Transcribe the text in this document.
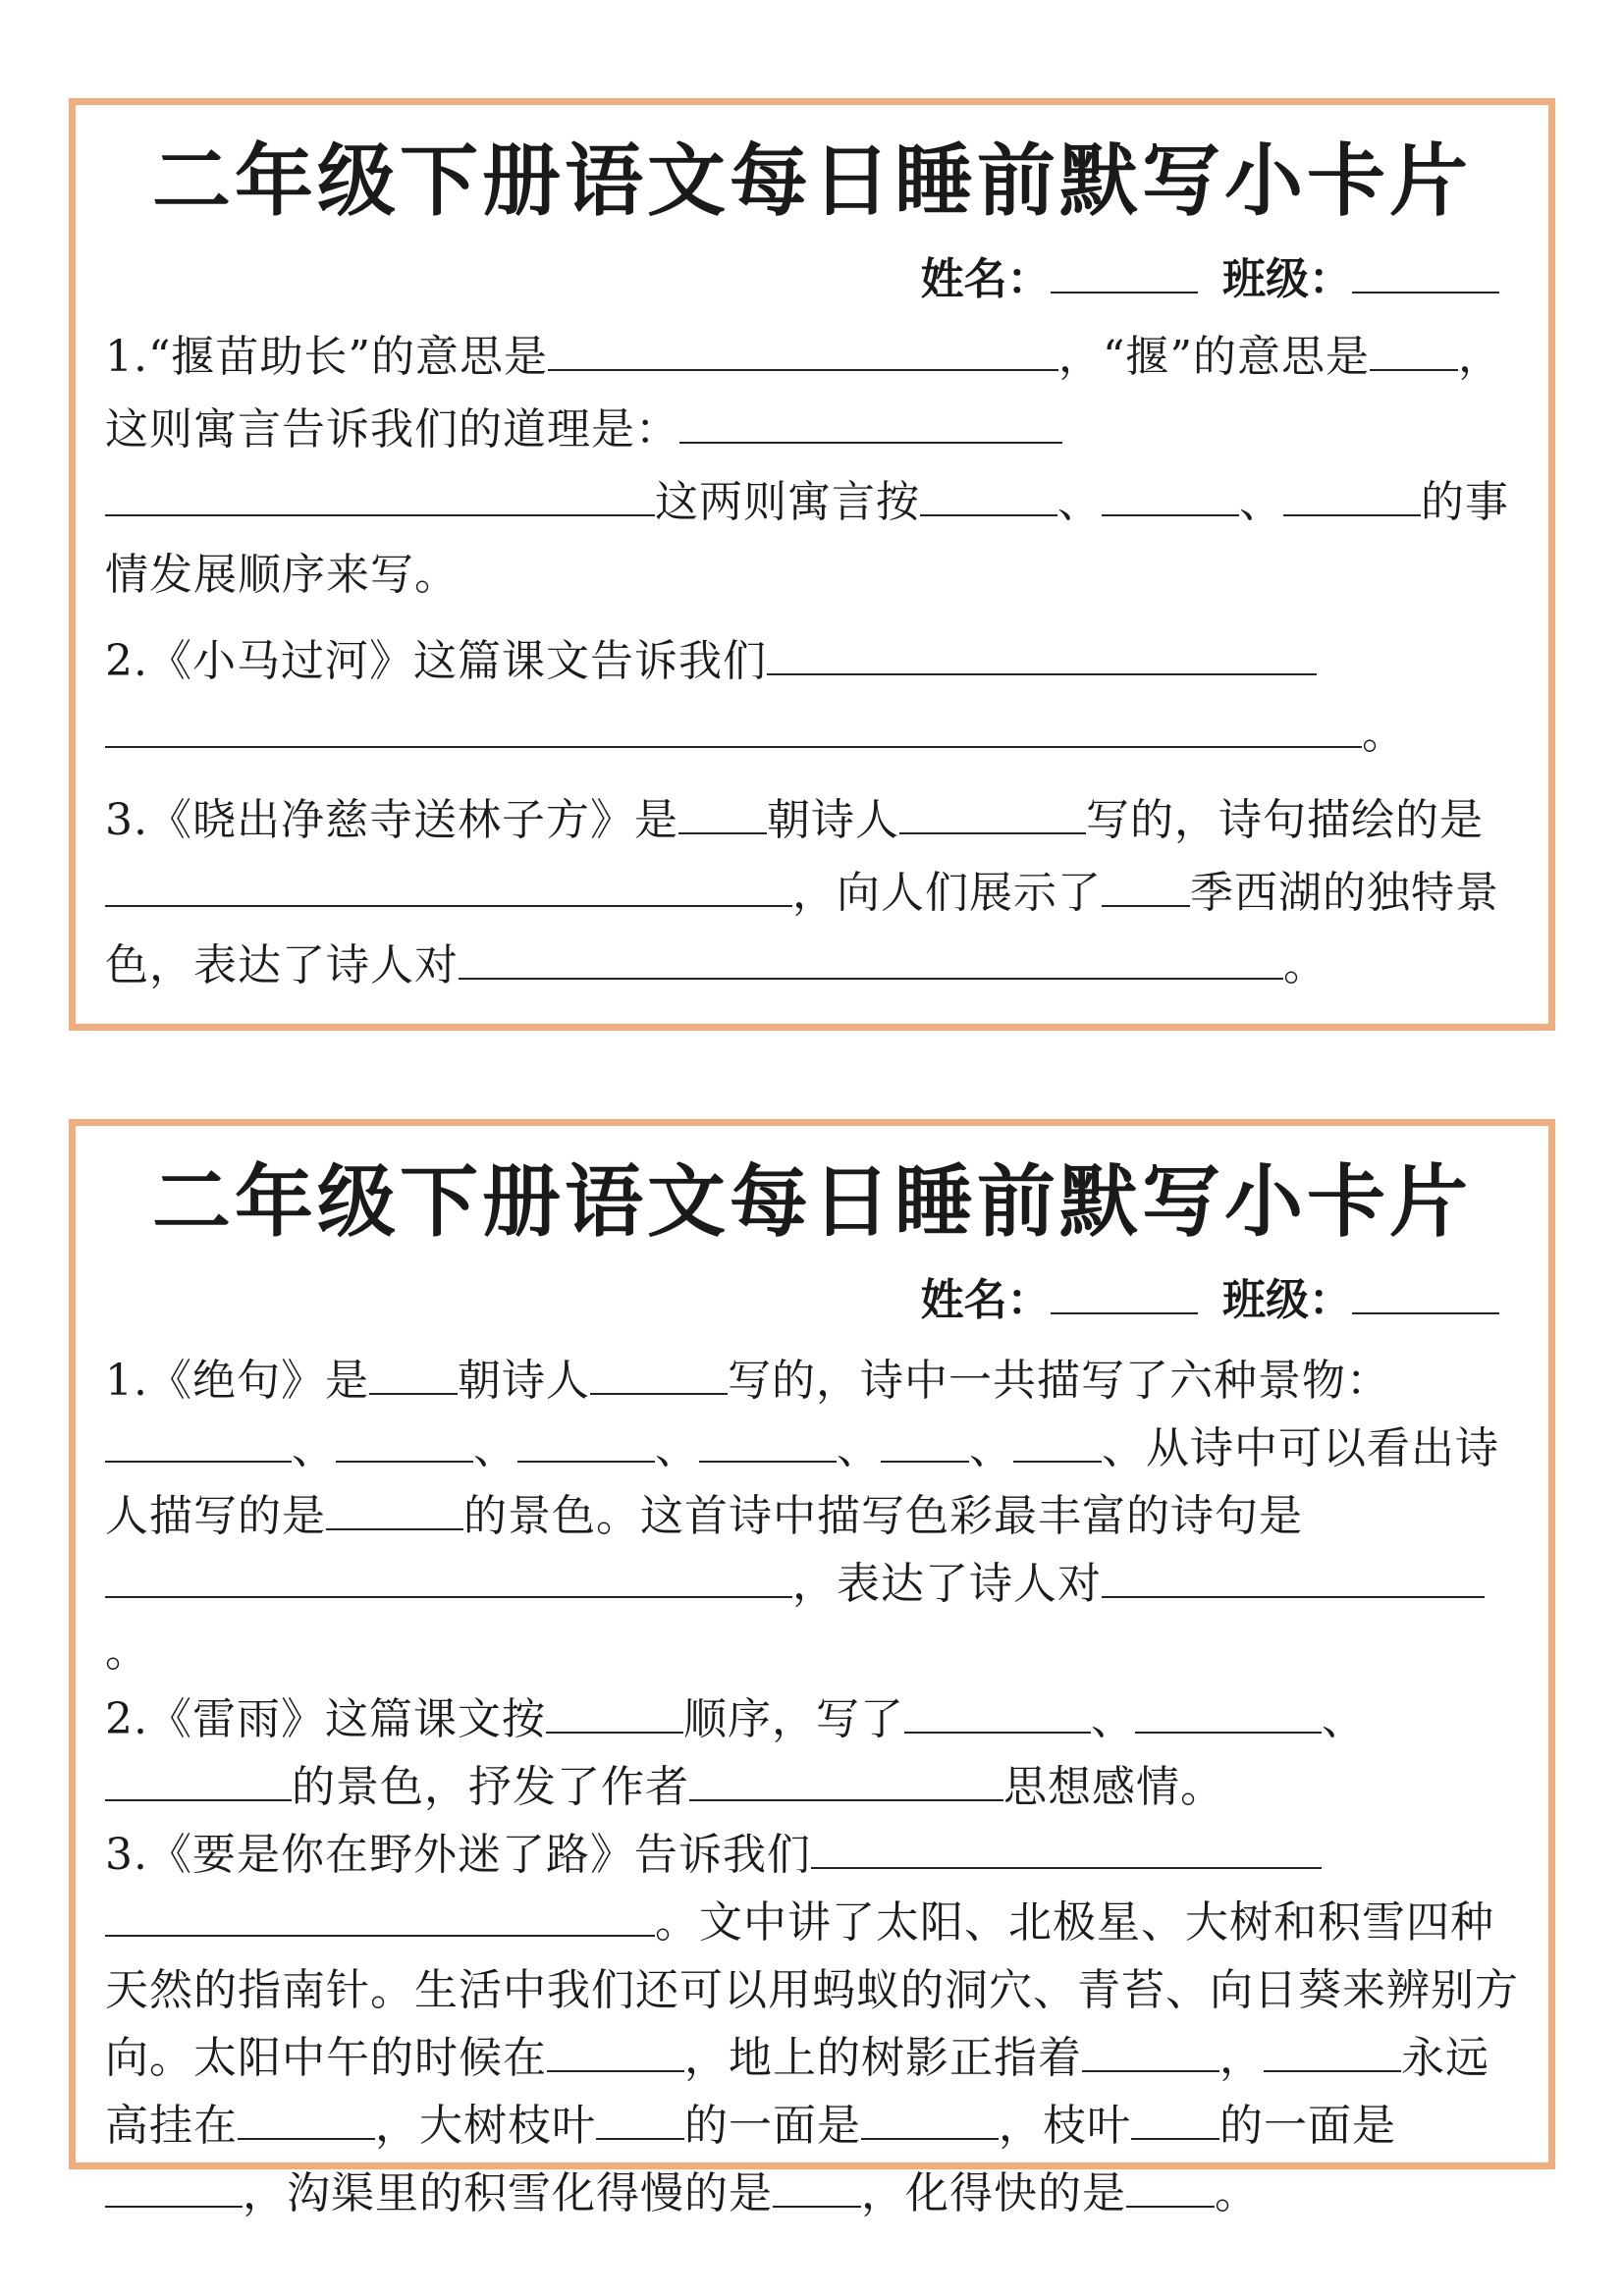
二年级下册语文每日睡前默写小卡片
姓名：	班级：

1.“揠苗助长”的意思是	，“揠”的意思是 ，这则寓言告诉我们的道理是：这两则寓言按	、	、	的事情发展顺序来写。

2.《小马过河》这篇课文告诉我们。

3.《晓出净慈寺送林子方》是 朝诗人	写的，诗句描绘的是，向人们展示了 季西湖的独特景色，表达了诗人对	。

二年级下册语文每日睡前默写小卡片
姓名：	班级：

1.《绝句》是 朝诗人	写的，诗中一共描写了六种景物：、	、	、	、 、 、从诗中可以看出诗人描写的是	的景色。这首诗中描写色彩最丰富的诗句是，表达了诗人对。

2.《雷雨》这篇课文按	顺序，写了	、	、的景色，抒发了作者	思想感情。

3.《要是你在野外迷了路》告诉我们。文中讲了太阳、北极星、大树和积雪四种天然的指南针。生活中我们还可以用蚂蚁的洞穴、青苔、向日葵来辨别方向。太阳中午的时候在	，地上的树影正指着	，	永远高挂在	，大树枝叶 的一面是	，枝叶 的一面是，沟渠里的积雪化得慢的是 ，化得快的是 。
